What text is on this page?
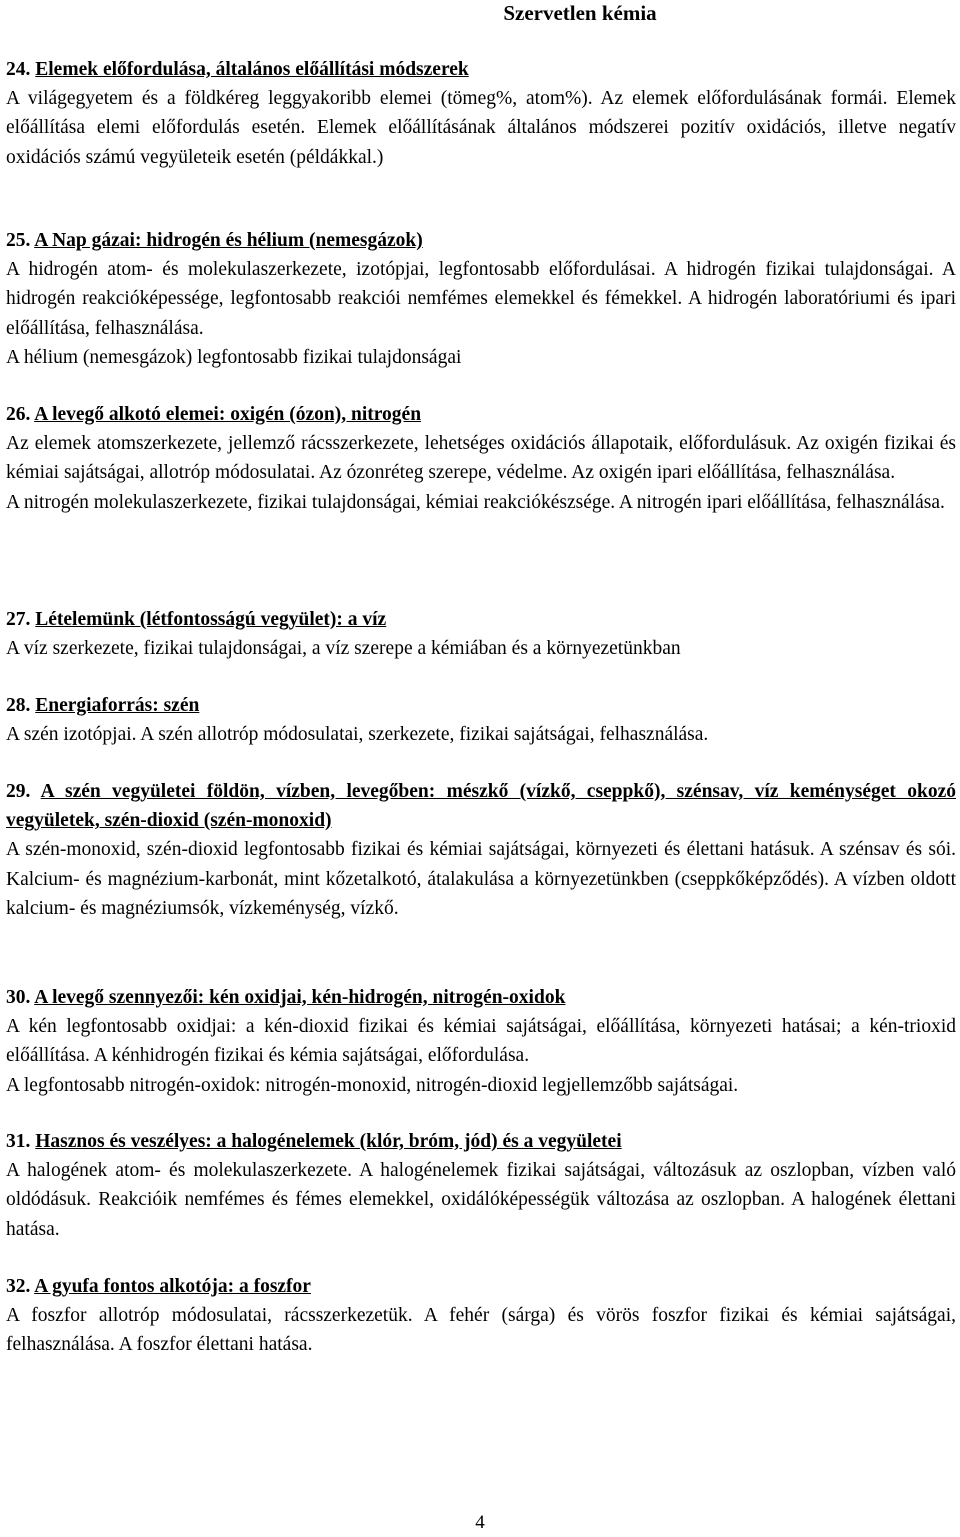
Szervetlen kémia
24. Elemek előfordulása, általános előállítási módszerek

A világegyetem és a földkéreg leggyakoribb elemei (tömeg%, atom%). Az elemek előfordulásának formái. Elemek előállítása elemi előfordulás esetén. Elemek előállításának általános módszerei pozitív oxidációs, illetve negatív oxidációs számú vegyületeik esetén (példákkal.)

25. A Nap gázai: hidrogén és hélium (nemesgázok)

A hidrogén atom- és molekulaszerkezete, izotópjai, legfontosabb előfordulásai. A hidrogén fizikai tulajdonságai. A hidrogén reakcióképessége, legfontosabb reakciói nemfémes elemekkel és fémekkel. A hidrogén laboratóriumi és ipari előállítása, felhasználása.

A hélium (nemesgázok) legfontosabb fizikai tulajdonságai

26. A levegő alkotó elemei: oxigén (ózon), nitrogén

Az elemek atomszerkezete, jellemző rácsszerkezete, lehetséges oxidációs állapotaik, előfordulásuk. Az oxigén fizikai és kémiai sajátságai, allotróp módosulatai. Az ózonréteg szerepe, védelme. Az oxigén ipari előállítása, felhasználása.

A nitrogén molekulaszerkezete, fizikai tulajdonságai, kémiai reakciókészsége. A nitrogén ipari előállítása, felhasználása.

27. Lételemünk (létfontosságú vegyület): a víz

A víz szerkezete, fizikai tulajdonságai, a víz szerepe a kémiában és a környezetünkban

28. Energiaforrás: szén

A szén izotópjai. A szén allotróp módosulatai, szerkezete, fizikai sajátságai, felhasználása.

29. A szén vegyületei földön, vízben, levegőben: mészkő (vízkő, cseppkő), szénsav, víz keménységet okozó vegyületek, szén-dioxid (szén-monoxid)

A szén-monoxid, szén-dioxid legfontosabb fizikai és kémiai sajátságai, környezeti és élettani hatásuk. A szénsav és sói. Kalcium- és magnézium-karbonát, mint kőzetalkotó, átalakulása a környezetünkben (cseppkőképződés). A vízben oldott kalcium- és magnéziumsók, vízkeménység, vízkő.

30. A levegő szennyezői: kén oxidjai, kén-hidrogén, nitrogén-oxidok

A kén legfontosabb oxidjai: a kén-dioxid fizikai és kémiai sajátságai, előállítása, környezeti hatásai; a kén-trioxid előállítása. A kénhidrogén fizikai és kémia sajátságai, előfordulása.

A legfontosabb nitrogén-oxidok: nitrogén-monoxid, nitrogén-dioxid legjellemzőbb sajátságai.

31. Hasznos és veszélyes: a halogénelemek (klór, bróm, jód) és a vegyületei

A halogének atom- és molekulaszerkezete. A halogénelemek fizikai sajátságai, változásuk az oszlopban, vízben való oldódásuk. Reakcióik nemfémes és fémes elemekkel, oxidálóképességük változása az oszlopban. A halogének élettani hatása.

32. A gyufa fontos alkotója: a foszfor

A foszfor allotróp módosulatai, rácsszerkezetük. A fehér (sárga) és vörös foszfor fizikai és kémiai sajátságai, felhasználása. A foszfor élettani hatása.

4
